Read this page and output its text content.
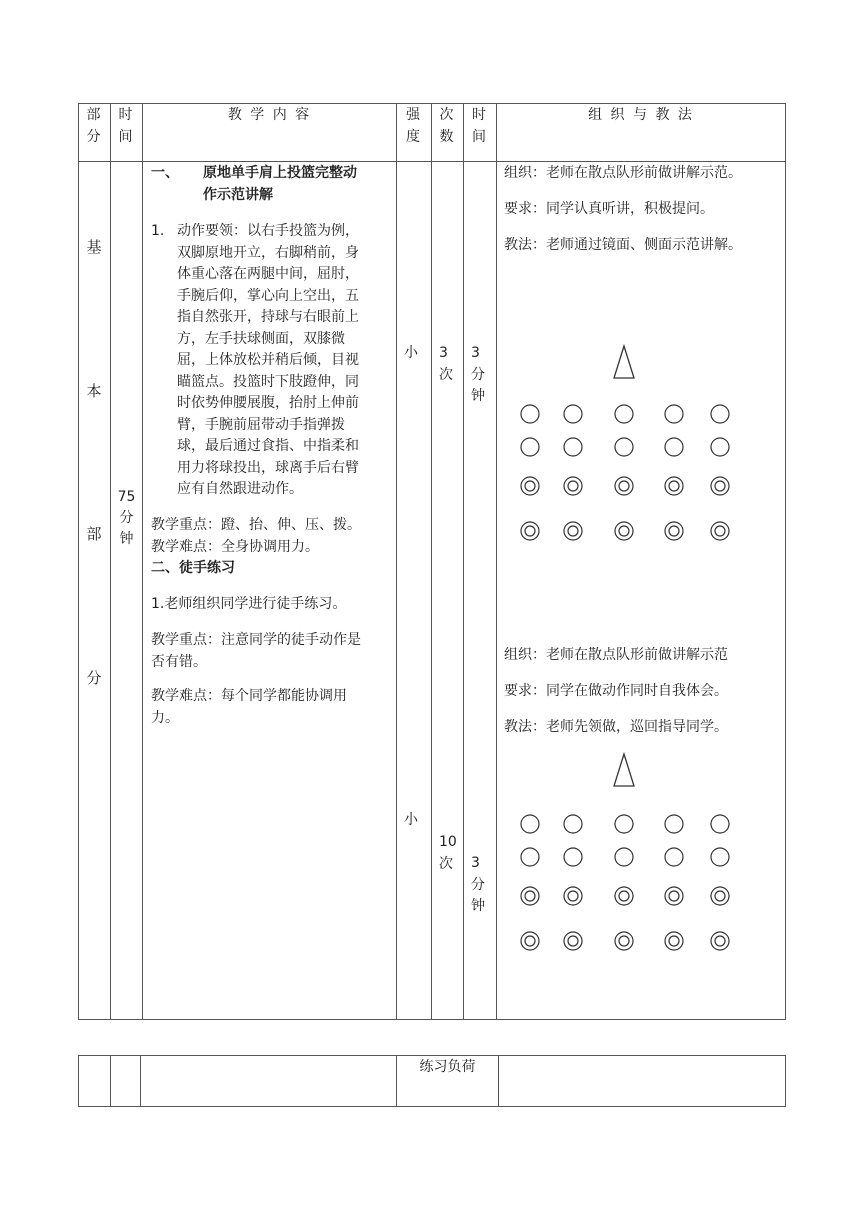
部
分
时
间
教 学 内 容	强
度
次
数
时
间
组 织 与 教 法
基
本
部
分
75
分
钟
一、 原地单手肩上投篮完整动
作示范讲解
1. 动作要领：以右手投篮为例，
双脚原地开立，右脚稍前，身
体重心落在两腿中间，屈肘，
手腕后仰，掌心向上空出，五
指自然张开，持球与右眼前上
方，左手扶球侧面，双膝微
屈，上体放松并稍后倾，目视
瞄篮点。投篮时下肢蹬伸，同
时依势伸腰展腹，抬肘上伸前
臂，手腕前屈带动手指弹拨
球，最后通过食指、中指柔和
用力将球投出，球离手后右臂
应有自然跟进动作。
教学重点：蹬、抬、伸、压、拨。
教学难点：全身协调用力。
二、徒手练习
1.老师组织同学进行徒手练习。
教学重点：注意同学的徒手动作是
否有错。
教学难点：每个同学都能协调用
力。
小
小
3
次
10
次
3
分
钟
3
分
钟
组织：老师在散点队形前做讲解示范。
要求：同学认真听讲，积极提问。
教法：老师通过镜面、侧面示范讲解。
组织：老师在散点队形前做讲解示范
要求：同学在做动作同时自我体会。
教法：老师先领做，巡回指导同学。
练习负荷
